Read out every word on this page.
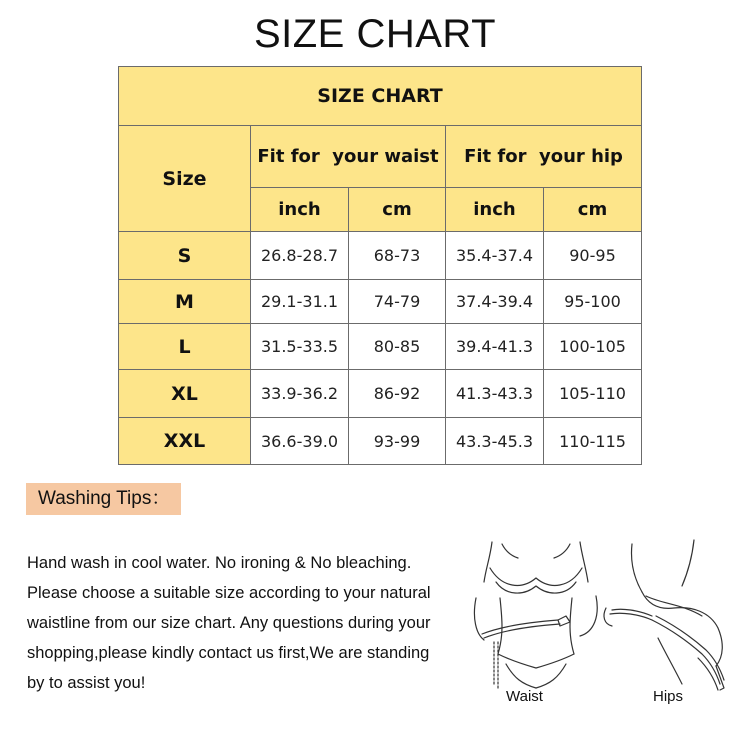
SIZE CHART
SIZE CHART				
Size	Fit for  your waist		Fit for  your hip	
	inch	cm	inch	cm
S	26.8-28.7	68-73	35.4-37.4	90-95
M	29.1-31.1	74-79	37.4-39.4	95-100
L	31.5-33.5	80-85	39.4-41.3	100-105
XL	33.9-36.2	86-92	41.3-43.3	105-110
XXL	36.6-39.0	93-99	43.3-45.3	110-115
Washing Tips：
Hand wash in cool water. No ironing & No bleaching.
Please choose a suitable size according to your natural
waistline from our size chart. Any questions during your
shopping,please kindly contact us first,We are standing
by to assist you!
Waist	Hips
